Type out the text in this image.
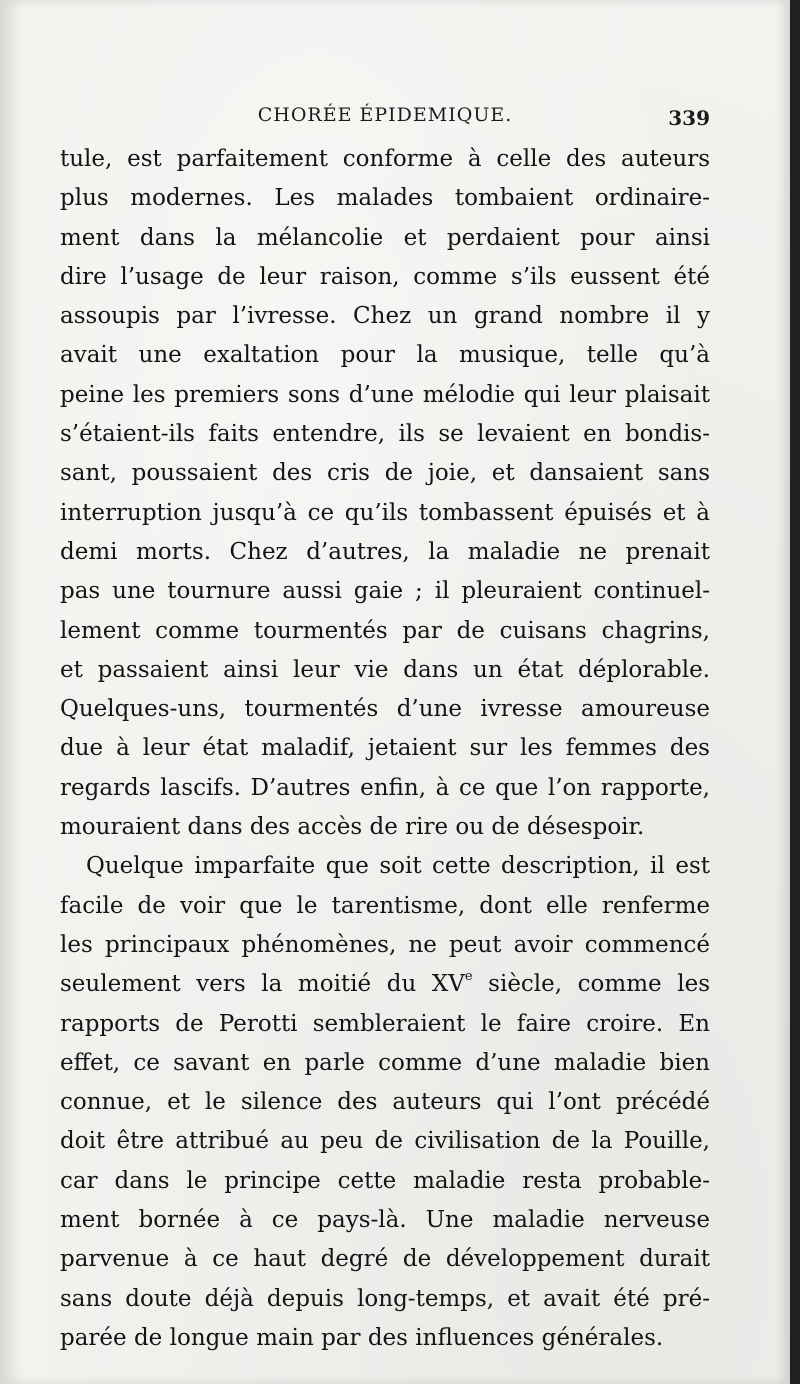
CHORÉE ÉPIDEMIQUE.	339
tule, est parfaitement conforme à celle des auteurs
plus modernes. Les malades tombaient ordinaire-
ment dans la mélancolie et perdaient pour ainsi
dire l’usage de leur raison, comme s’ils eussent été
assoupis par l’ivresse. Chez un grand nombre il y
avait une exaltation pour la musique, telle qu’à
peine les premiers sons d’une mélodie qui leur plaisait
s’étaient-ils faits entendre, ils se levaient en bondis-
sant, poussaient des cris de joie, et dansaient sans
interruption jusqu’à ce qu’ils tombassent épuisés et à
demi morts. Chez d’autres, la maladie ne prenait
pas une tournure aussi gaie ; il pleuraient continuel-
lement comme tourmentés par de cuisans chagrins,
et passaient ainsi leur vie dans un état déplorable.
Quelques-uns, tourmentés d’une ivresse amoureuse
due à leur état maladif, jetaient sur les femmes des
regards lascifs. D’autres enfin, à ce que l’on rapporte,
mouraient dans des accès de rire ou de désespoir.
Quelque imparfaite que soit cette description, il est
facile de voir que le tarentisme, dont elle renferme
les principaux phénomènes, ne peut avoir commencé
seulement vers la moitié du XVe siècle, comme les
rapports de Perotti sembleraient le faire croire. En
effet, ce savant en parle comme d’une maladie bien
connue, et le silence des auteurs qui l’ont précédé
doit être attribué au peu de civilisation de la Pouille,
car dans le principe cette maladie resta probable-
ment bornée à ce pays-là. Une maladie nerveuse
parvenue à ce haut degré de développement durait
sans doute déjà depuis long-temps, et avait été pré-
parée de longue main par des influences générales.
